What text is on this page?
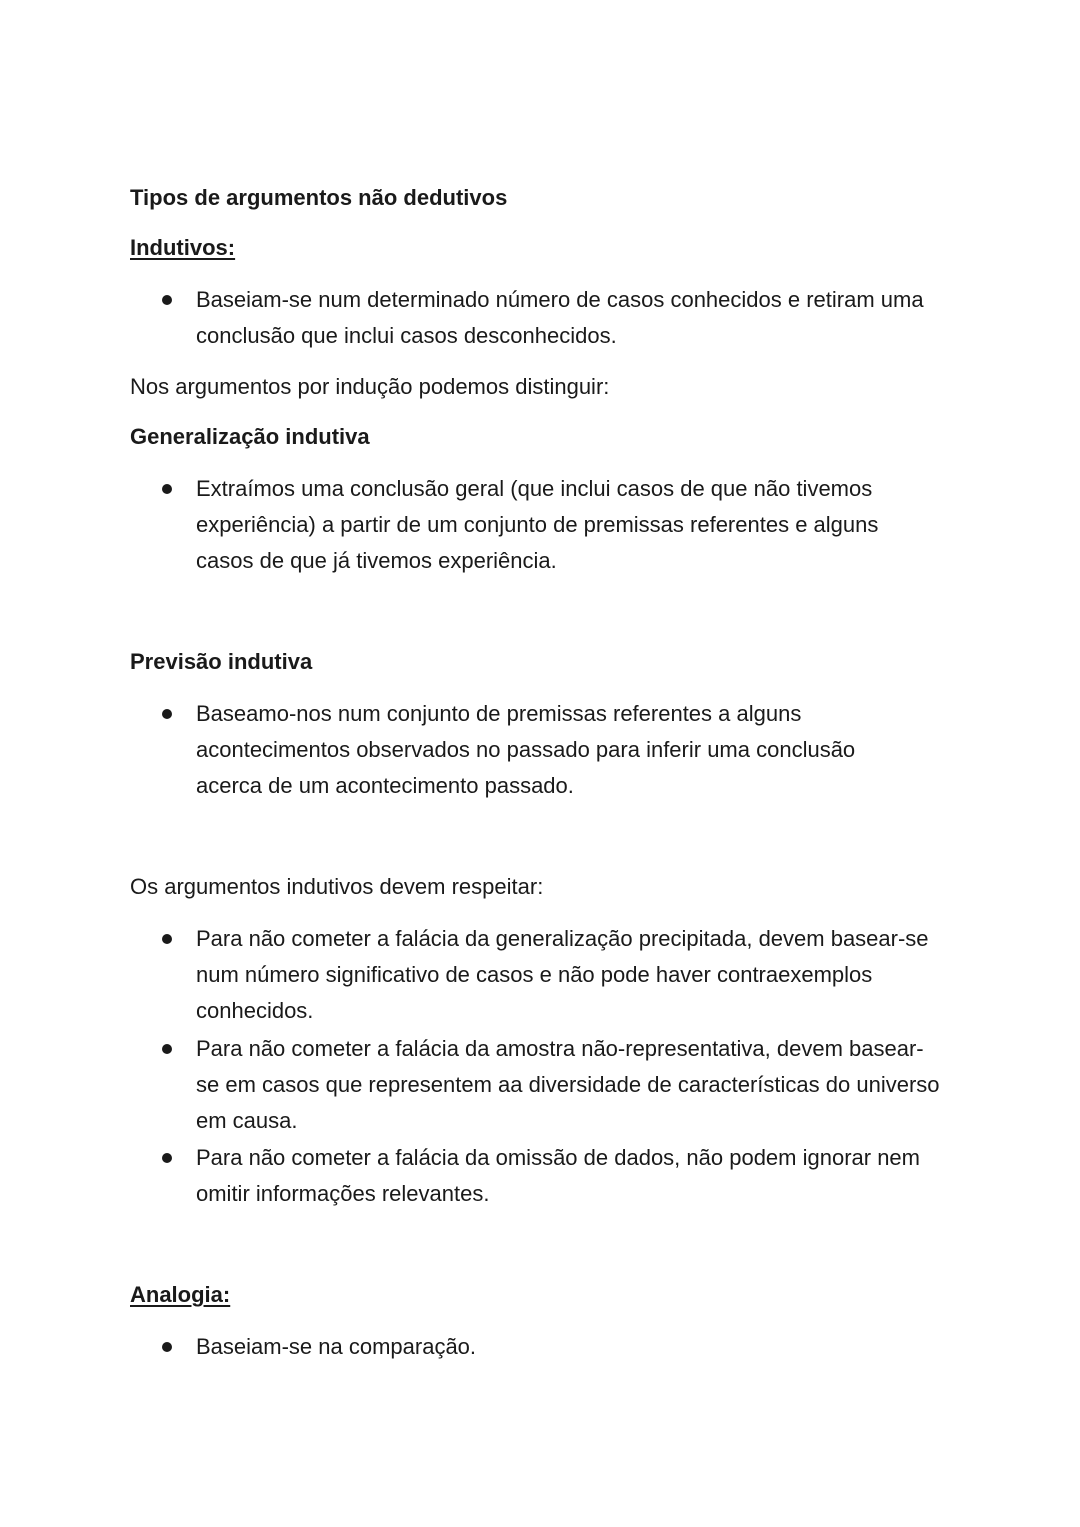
Tipos de argumentos não dedutivos
Indutivos:
Baseiam-se num determinado número de casos conhecidos e retiram uma conclusão que inclui casos desconhecidos.
Nos argumentos por indução podemos distinguir:
Generalização indutiva
Extraímos uma conclusão geral (que inclui casos de que não tivemos experiência) a partir de um conjunto de premissas referentes e alguns casos de que já tivemos experiência.
Previsão indutiva
Baseamo-nos num conjunto de premissas referentes a alguns acontecimentos observados no passado para inferir uma conclusão acerca de um acontecimento passado.
Os argumentos indutivos devem respeitar:
Para não cometer a falácia da generalização precipitada, devem basear-se num número significativo de casos e não pode haver contraexemplos conhecidos.
Para não cometer a falácia da amostra não-representativa, devem basear-se em casos que representem aa diversidade de características do universo em causa.
Para não cometer a falácia da omissão de dados, não podem ignorar nem omitir informações relevantes.
Analogia:
Baseiam-se na comparação.
